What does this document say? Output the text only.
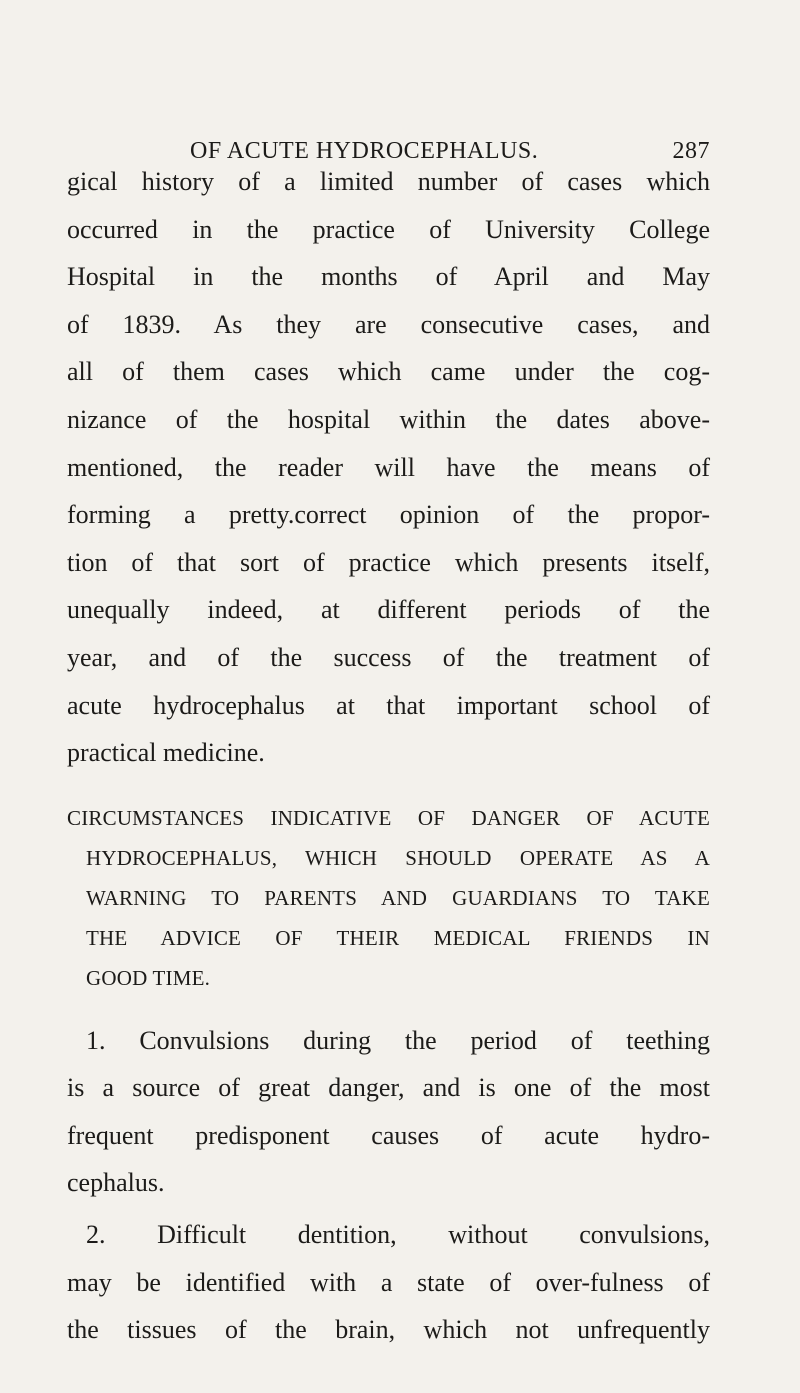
OF ACUTE HYDROCEPHALUS.	287
gical history of a limited number of cases which
occurred in the practice of University College
Hospital in the months of April and May
of 1839. As they are consecutive cases, and
all of them cases which came under the cog-
nizance of the hospital within the dates above-
mentioned, the reader will have the means of
forming a pretty.correct opinion of the propor-
tion of that sort of practice which presents itself,
unequally indeed, at different periods of the
year, and of the success of the treatment of
acute hydrocephalus at that important school of
practical medicine.
CIRCUMSTANCES INDICATIVE OF DANGER OF ACUTE
HYDROCEPHALUS, WHICH SHOULD OPERATE AS A
WARNING TO PARENTS AND GUARDIANS TO TAKE
THE ADVICE OF THEIR MEDICAL FRIENDS IN
GOOD TIME.
1. Convulsions during the period of teething
is a source of great danger, and is one of the most
frequent predisponent causes of acute hydro-
cephalus.
2. Difficult dentition, without convulsions,
may be identified with a state of over-fulness of
the tissues of the brain, which not unfrequently
